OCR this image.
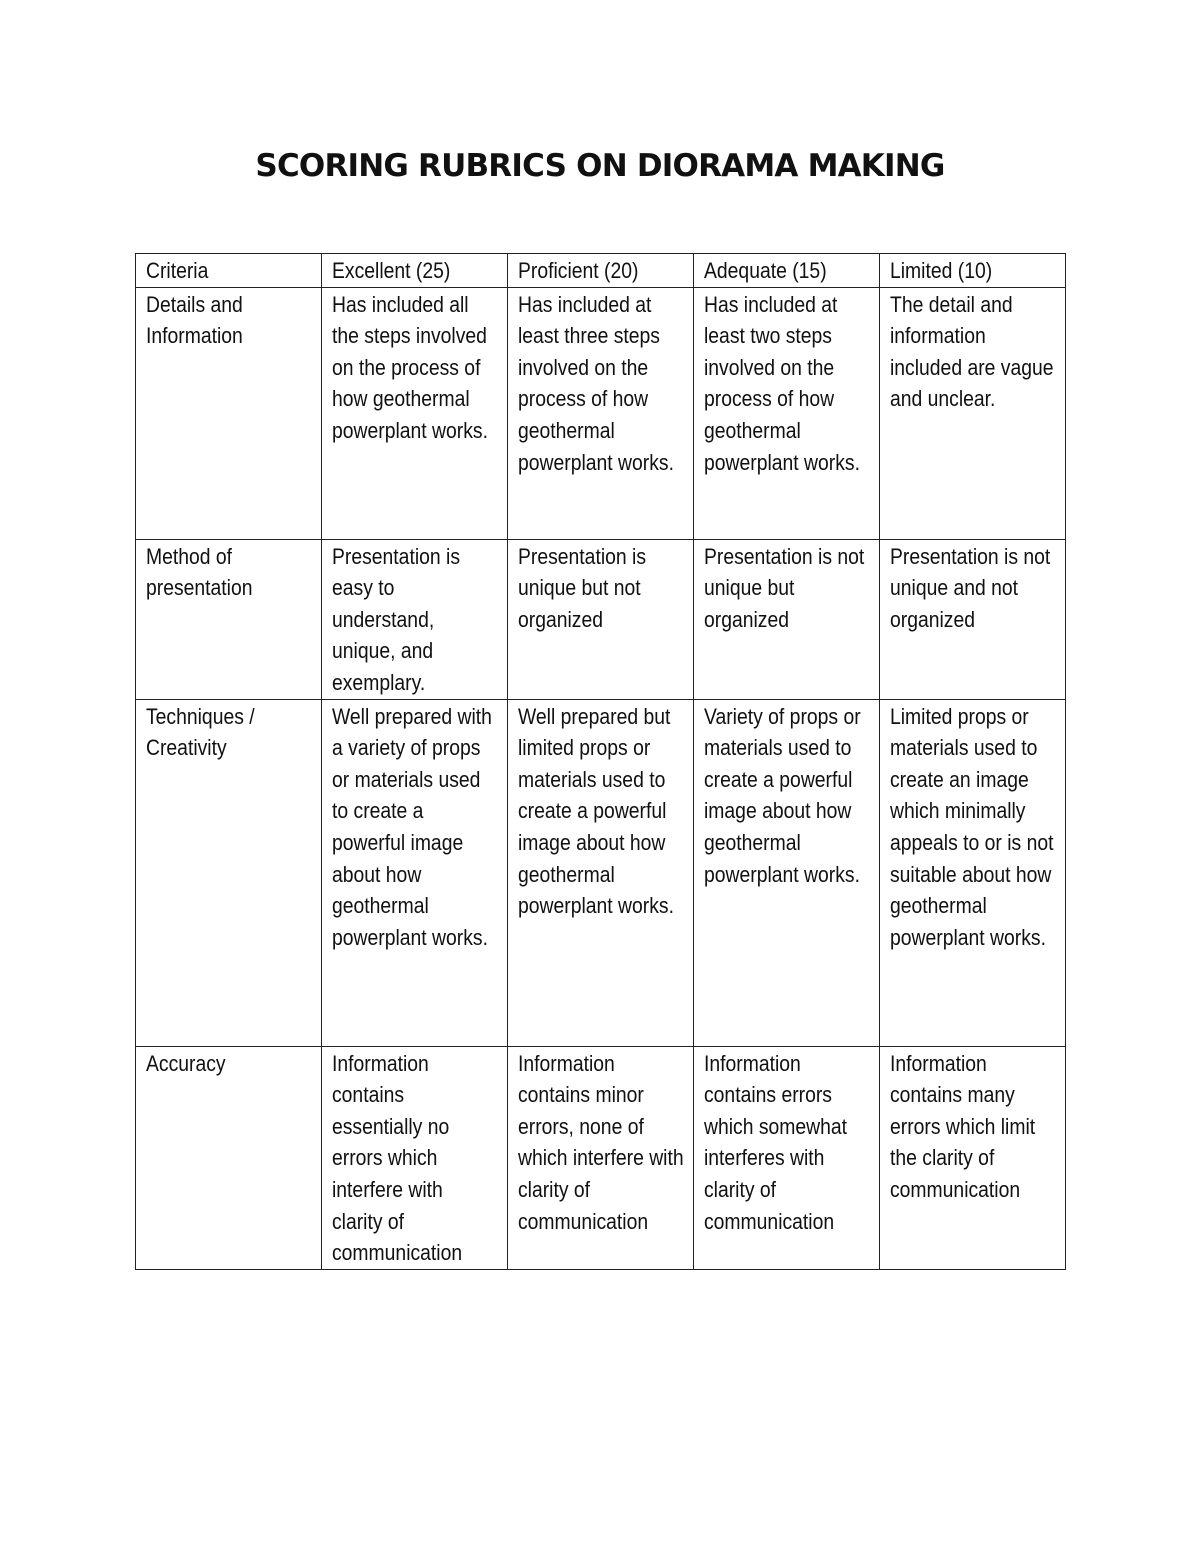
SCORING RUBRICS ON DIORAMA MAKING
Criteria	Excellent (25)	Proficient (20)	Adequate (15)	Limited (10)
Details and Information	Has included all the steps involved on the process of how geothermal powerplant works.	Has included at least three steps involved on the process of how geothermal powerplant works.	Has included at least two steps involved on the process of how geothermal powerplant works.	The detail and information included are vague and unclear.
Method of presentation	Presentation is easy to understand, unique, and exemplary.	Presentation is unique but not organized	Presentation is not unique but organized	Presentation is not unique and not organized
Techniques / Creativity	Well prepared with a variety of props or materials used to create a powerful image about how geothermal powerplant works.	Well prepared but limited props or materials used to create a powerful image about how geothermal powerplant works.	Variety of props or materials used to create a powerful image about how geothermal powerplant works.	Limited props or materials used to create an image which minimally appeals to or is not suitable about how geothermal powerplant works.
Accuracy	Information contains essentially no errors which interfere with clarity of communication	Information contains minor errors, none of which interfere with clarity of communication	Information contains errors which somewhat interferes with clarity of communication	Information contains many errors which limit the clarity of communication
